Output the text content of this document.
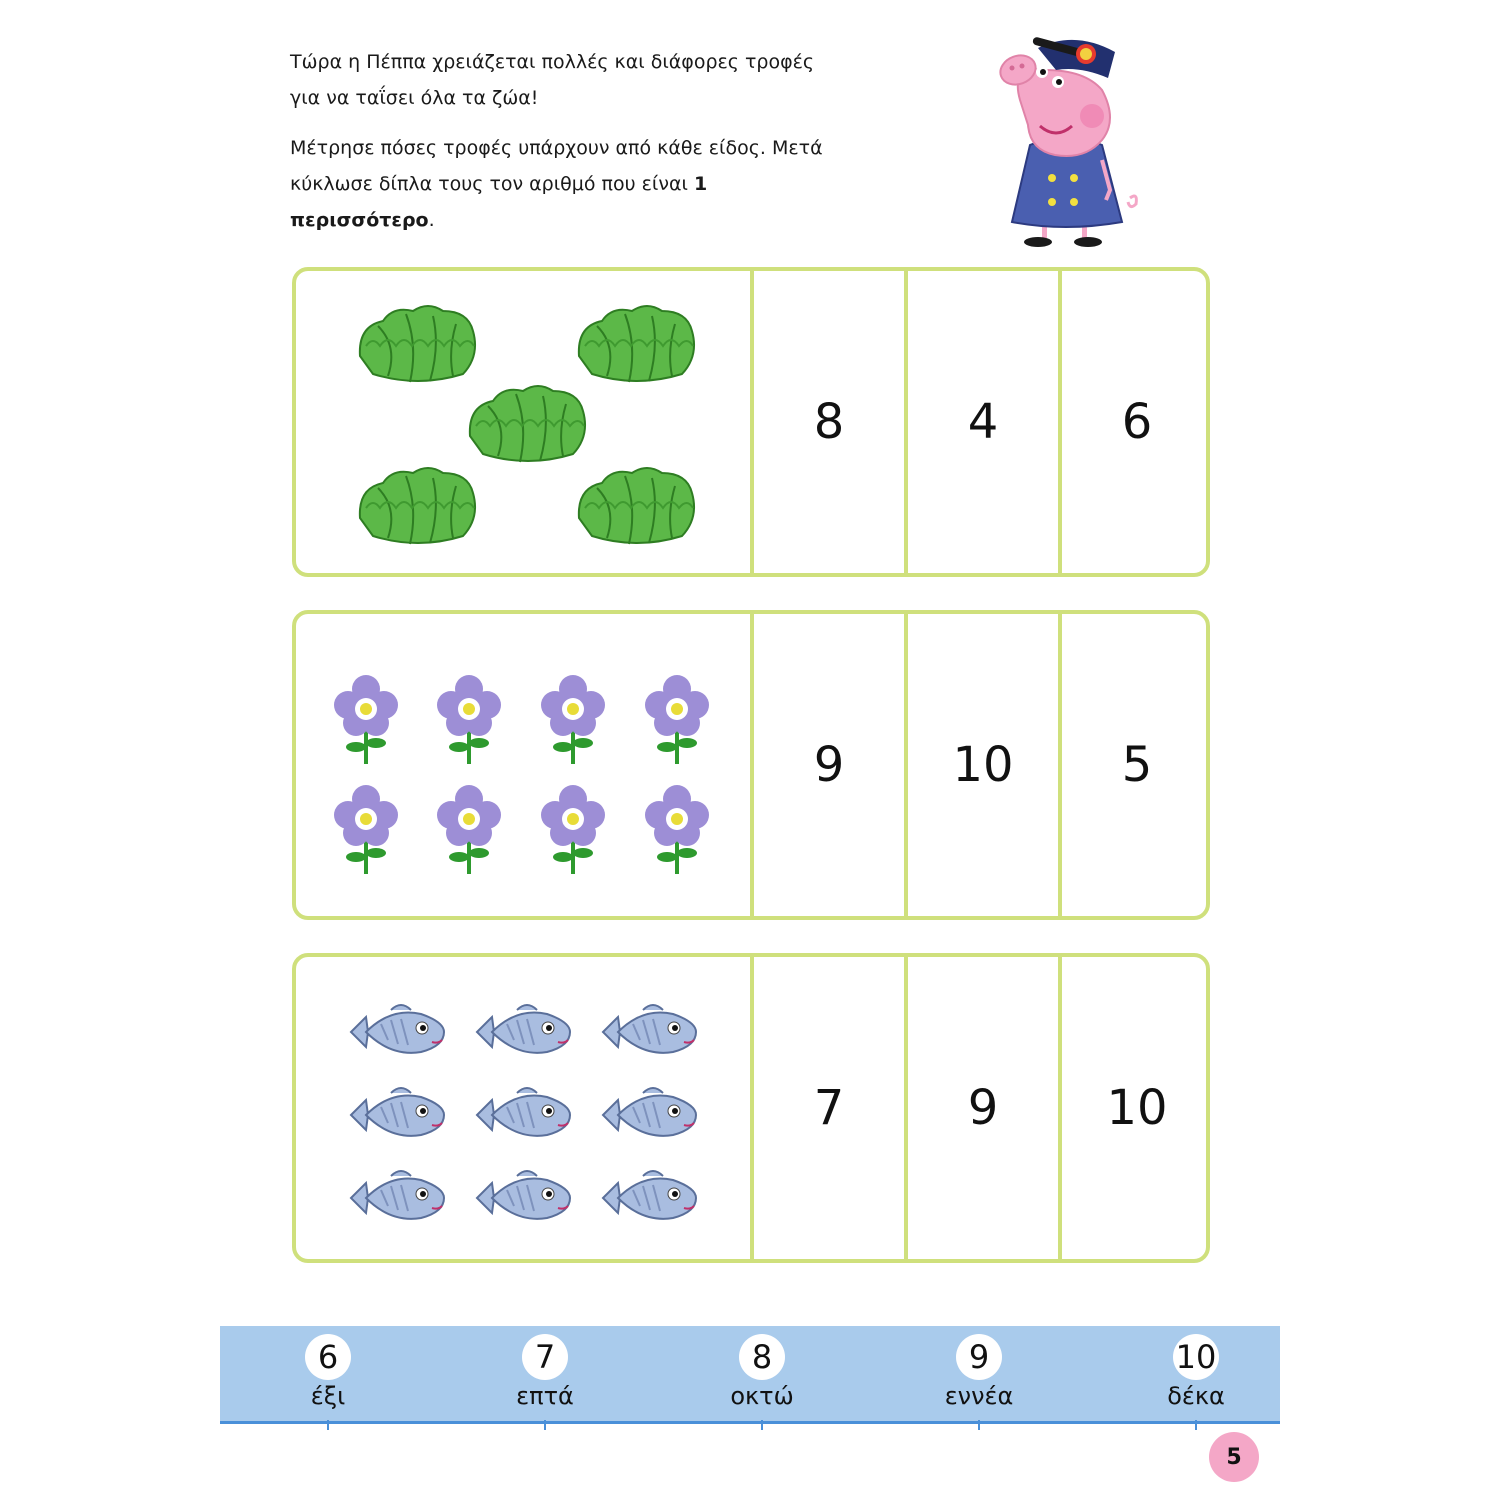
Τώρα η Πέππα χρειάζεται πολλές και διάφορες τροφές
για να ταΐσει όλα τα ζώα!

Μέτρησε πόσες τροφές υπάρχουν από κάθε είδος. Μετά
κύκλωσε δίπλα τους τον αριθμό που είναι 1 περισσότερο.

8	4	6
9	10	5
7	9	10
6
έξι
7
επτά
8
οκτώ
9
εννέα
10
δέκα
5
